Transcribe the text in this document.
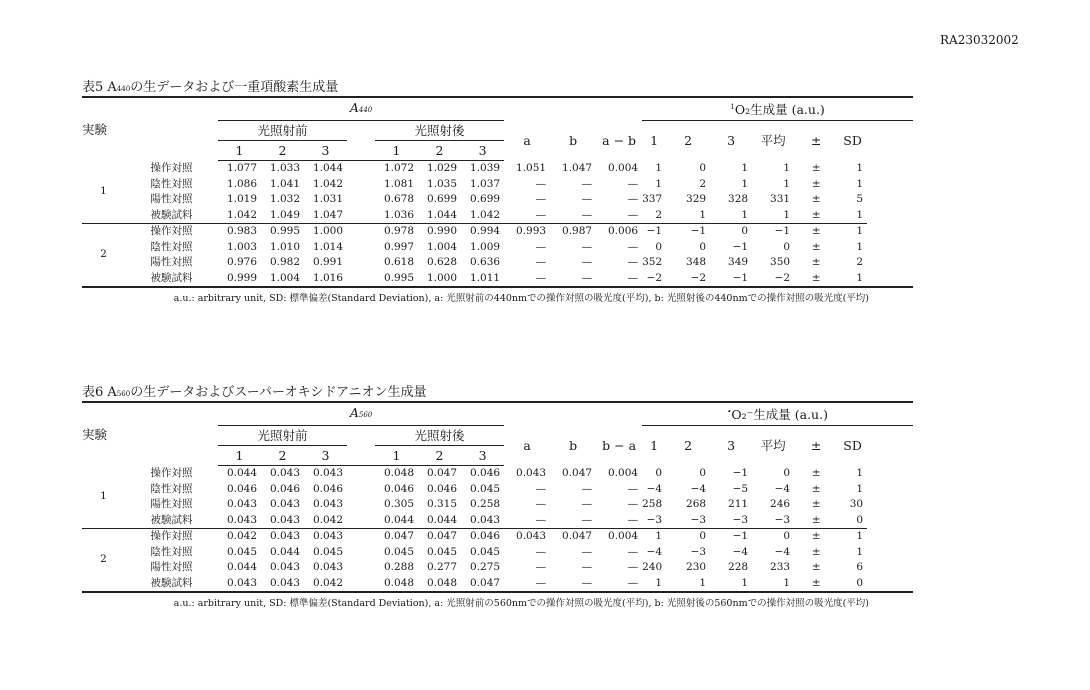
RA23032002
表5 A440の生データおよび一重項酸素生成量
実験		A440										$^1$O₂生成量 (a.u.)					
		光照射前				光照射後			a	b	a − b	1	2	3	平均	±	SD
		1	2	3		1	2	3									
1	操作対照	1.077	1.033	1.044		1.072	1.029	1.039	1.051	1.047	0.004	1	0	1	1	±	1
	陰性対照	1.086	1.041	1.042		1.081	1.035	1.037	—	—	—	1	2	1	1	±	1
	陽性対照	1.019	1.032	1.031		0.678	0.699	0.699	—	—	—	337	329	328	331	±	5
	被験試料	1.042	1.049	1.047		1.036	1.044	1.042	—	—	—	2	1	1	1	±	1
2	操作対照	0.983	0.995	1.000		0.978	0.990	0.994	0.993	0.987	0.006	−1	−1	0	−1	±	1
	陰性対照	1.003	1.010	1.014		0.997	1.004	1.009	—	—	—	0	0	−1	0	±	1
	陽性対照	0.976	0.982	0.991		0.618	0.628	0.636	—	—	—	352	348	349	350	±	2
	被験試料	0.999	1.004	1.016		0.995	1.000	1.011	—	—	—	−2	−2	−1	−2	±	1
a.u.: arbitrary unit, SD: 標準偏差(Standard Deviation), a: 光照射前の440nmでの操作対照の吸光度(平均), b: 光照射後の440nmでの操作対照の吸光度(平均)
表6 A560の生データおよびスーパーオキシドアニオン生成量
実験		A560										•O₂⁻生成量 (a.u.)					
		光照射前				光照射後			a	b	b − a	1	2	3	平均	±	SD
		1	2	3		1	2	3									
1	操作対照	0.044	0.043	0.043		0.048	0.047	0.046	0.043	0.047	0.004	0	0	−1	0	±	1
	陰性対照	0.046	0.046	0.046		0.046	0.046	0.045	—	—	—	−4	−4	−5	−4	±	1
	陽性対照	0.043	0.043	0.043		0.305	0.315	0.258	—	—	—	258	268	211	246	±	30
	被験試料	0.043	0.043	0.042		0.044	0.044	0.043	—	—	—	−3	−3	−3	−3	±	0
2	操作対照	0.042	0.043	0.043		0.047	0.047	0.046	0.043	0.047	0.004	1	0	−1	0	±	1
	陰性対照	0.045	0.044	0.045		0.045	0.045	0.045	—	—	—	−4	−3	−4	−4	±	1
	陽性対照	0.044	0.043	0.043		0.288	0.277	0.275	—	—	—	240	230	228	233	±	6
	被験試料	0.043	0.043	0.042		0.048	0.048	0.047	—	—	—	1	1	1	1	±	0
a.u.: arbitrary unit, SD: 標準偏差(Standard Deviation), a: 光照射前の560nmでの操作対照の吸光度(平均), b: 光照射後の560nmでの操作対照の吸光度(平均)
